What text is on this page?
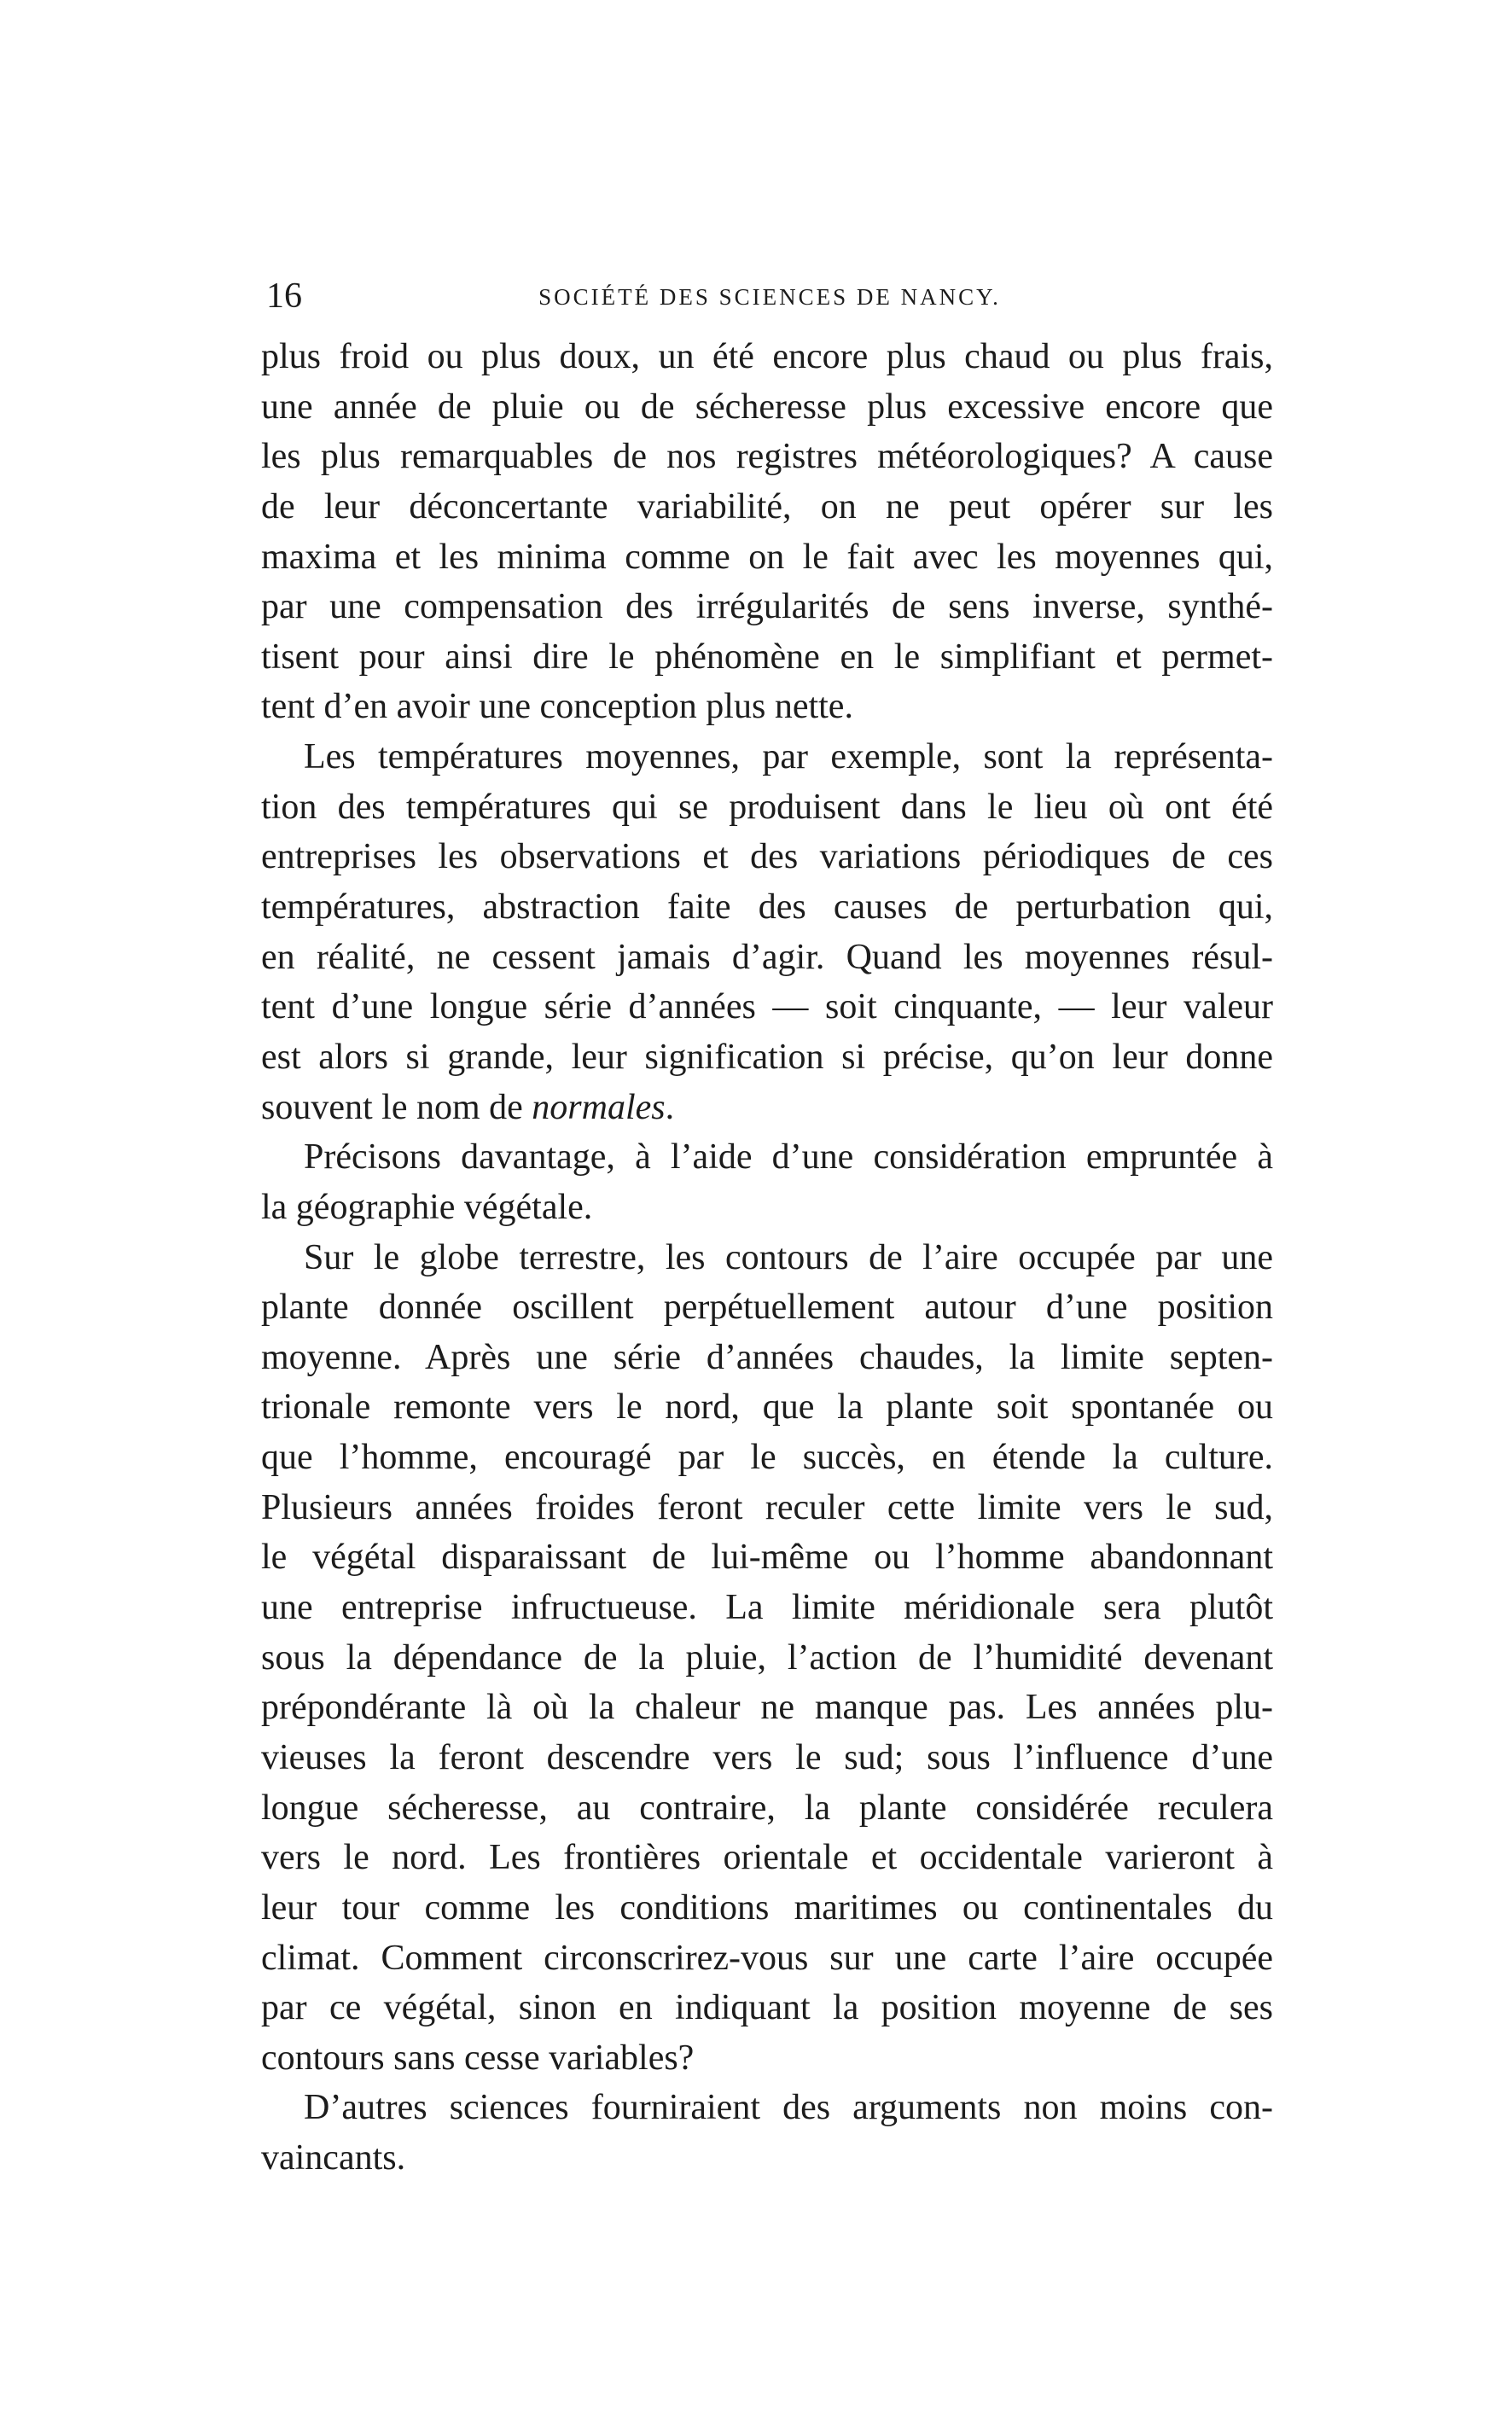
16	SOCIÉTÉ DES SCIENCES DE NANCY.
plus froid ou plus doux, un été encore plus chaud ou plus frais,
une année de pluie ou de sécheresse plus excessive encore que
les plus remarquables de nos registres météorologiques? A cause
de leur déconcertante variabilité, on ne peut opérer sur les
maxima et les minima comme on le fait avec les moyennes qui,
par une compensation des irrégularités de sens inverse, synthé-
tisent pour ainsi dire le phénomène en le simplifiant et permet-
tent d’en avoir une conception plus nette.
Les températures moyennes, par exemple, sont la représenta-
tion des températures qui se produisent dans le lieu où ont été
entreprises les observations et des variations périodiques de ces
températures, abstraction faite des causes de perturbation qui,
en réalité, ne cessent jamais d’agir. Quand les moyennes résul-
tent d’une longue série d’années — soit cinquante, — leur valeur
est alors si grande, leur signification si précise, qu’on leur donne
souvent le nom de normales.
Précisons davantage, à l’aide d’une considération empruntée à
la géographie végétale.
Sur le globe terrestre, les contours de l’aire occupée par une
plante donnée oscillent perpétuellement autour d’une position
moyenne. Après une série d’années chaudes, la limite septen-
trionale remonte vers le nord, que la plante soit spontanée ou
que l’homme, encouragé par le succès, en étende la culture.
Plusieurs années froides feront reculer cette limite vers le sud,
le végétal disparaissant de lui-même ou l’homme abandonnant
une entreprise infructueuse. La limite méridionale sera plutôt
sous la dépendance de la pluie, l’action de l’humidité devenant
prépondérante là où la chaleur ne manque pas. Les années plu-
vieuses la feront descendre vers le sud; sous l’influence d’une
longue sécheresse, au contraire, la plante considérée reculera
vers le nord. Les frontières orientale et occidentale varieront à
leur tour comme les conditions maritimes ou continentales du
climat. Comment circonscrirez-vous sur une carte l’aire occupée
par ce végétal, sinon en indiquant la position moyenne de ses
contours sans cesse variables?
D’autres sciences fourniraient des arguments non moins con-
vaincants.
